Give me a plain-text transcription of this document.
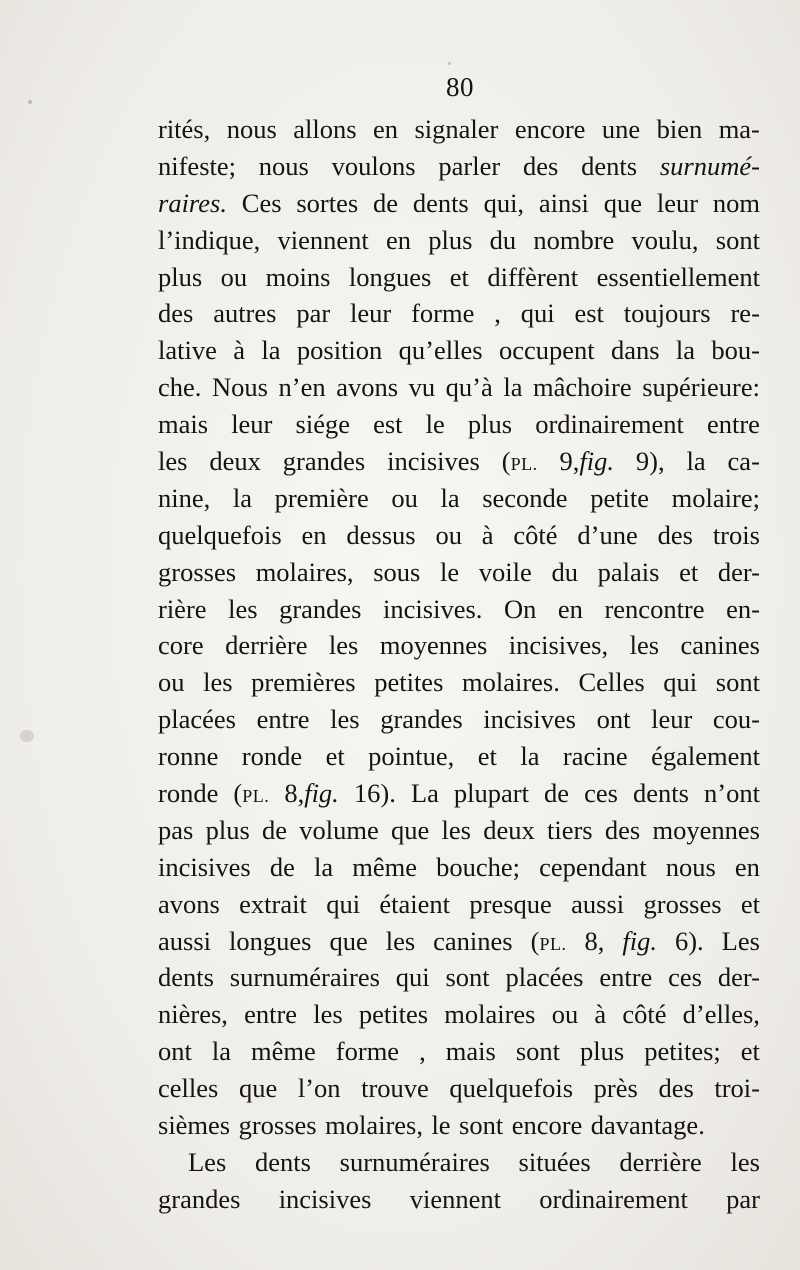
80
rités, nous allons en signaler encore une bien ma-
nifeste; nous voulons parler des dents surnumé-
raires. Ces sortes de dents qui, ainsi que leur nom
l’indique, viennent en plus du nombre voulu, sont
plus ou moins longues et diffèrent essentiellement
des autres par leur forme , qui est toujours re-
lative à la position qu’elles occupent dans la bou-
che. Nous n’en avons vu qu’à la mâchoire supérieure:
mais leur siége est le plus ordinairement entre
les deux grandes incisives (PL. 9,fig. 9), la ca-
nine, la première ou la seconde petite molaire;
quelquefois en dessus ou à côté d’une des trois
grosses molaires, sous le voile du palais et der-
rière les grandes incisives. On en rencontre en-
core derrière les moyennes incisives, les canines
ou les premières petites molaires. Celles qui sont
placées entre les grandes incisives ont leur cou-
ronne ronde et pointue, et la racine également
ronde (PL. 8,fig. 16). La plupart de ces dents n’ont
pas plus de volume que les deux tiers des moyennes
incisives de la même bouche; cependant nous en
avons extrait qui étaient presque aussi grosses et
aussi longues que les canines (PL. 8, fig. 6). Les
dents surnuméraires qui sont placées entre ces der-
nières, entre les petites molaires ou à côté d’elles,
ont la même forme , mais sont plus petites; et
celles que l’on trouve quelquefois près des troi-
sièmes grosses molaires, le sont encore davantage.
Les dents surnuméraires situées derrière les
grandes incisives viennent ordinairement par
